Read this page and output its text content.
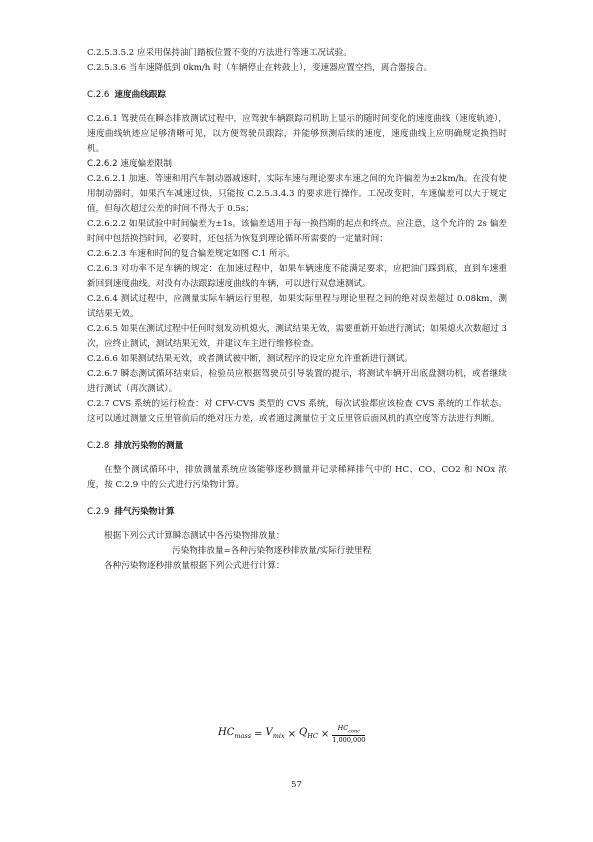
C.2.5.3.5.2 应采用保持油门踏板位置不变的方法进行等速工况试验。

C.2.5.3.6 当车速降低到 0km/h 时（车辆停止在转鼓上），变速器应置空挡，离合器接合。

C.2.6 速度曲线跟踪

C.2.6.1 驾驶员在瞬态排放测试过程中，应驾驶车辆跟踪司机助上显示的随时间变化的速度曲线（速度轨迹），速度曲线轨迹应足够清晰可见，以方便驾驶员跟踪，并能够预测后续的速度，速度曲线上应明确规定换挡时机。

C.2.6.2 速度偏差限制

C.2.6.2.1 加速、等速和用汽车制动器减速时，实际车速与理论要求车速之间的允许偏差为±2km/h。在没有使用制动器时，如果汽车减速过快，只能按 C.2.5.3.4.3 的要求进行操作。工况改变时，车速偏差可以大于规定值，但每次超过公差的时间不得大于 0.5s；

C.2.6.2.2 如果试验中时间偏差为±1s。该偏差适用于每一换挡期的起点和终点。应注意，这个允许的 2s 偏差时间中包括换挡时间，必要时，还包括为恢复到理论循环所需要的一定量时间；

C.2.6.2.3 车速和时间的复合偏差规定如图 C.1 所示。

C.2.6.3 对功率不足车辆的规定：在加速过程中，如果车辆速度不能满足要求，应把油门踩到底，直到车速重新回到速度曲线。对没有办法跟踪速度曲线的车辆，可以进行双怠速测试。

C.2.6.4 测试过程中，应测量实际车辆运行里程，如果实际里程与理论里程之间的绝对误差超过 0.08km，测试结果无效。

C.2.6.5 如果在测试过程中任何时刻发动机熄火，测试结果无效，需要重新开始进行测试；如果熄火次数超过 3 次，应终止测试，测试结果无效，并建议车主进行维修检查。

C.2.6.6 如果测试结果无效，或者测试被中断，测试程序的设定应允许重新进行测试。

C.2.6.7 瞬态测试循环结束后，检验员应根据驾驶员引导装置的提示，将测试车辆开出底盘测功机，或者继续进行测试（再次测试）。

C.2.7 CVS 系统的运行检查：对 CFV-CVS 类型的 CVS 系统，每次试验都应该检查 CVS 系统的工作状态。这可以通过测量文丘里管前后的绝对压力差，或者通过测量位于文丘里管后面风机的真空度等方法进行判断。

C.2.8 排放污染物的测量

在整个测试循环中，排放测量系统应该能够逐秒测量并记录稀释排气中的 HC、CO、CO2 和 NOx 浓度，按 C.2.9 中的公式进行污染物计算。

C.2.9 排气污染物计算

根据下列公式计算瞬态测试中各污染物排放量：

污染物排放量=各种污染物逐秒排放量/实际行驶里程

各种污染物逐秒排放量根据下列公式进行计算：

$HC_{mass} = V_{mix} \times Q_{HC} \times \frac{HC_{conc}}{1,000,000}$
57
